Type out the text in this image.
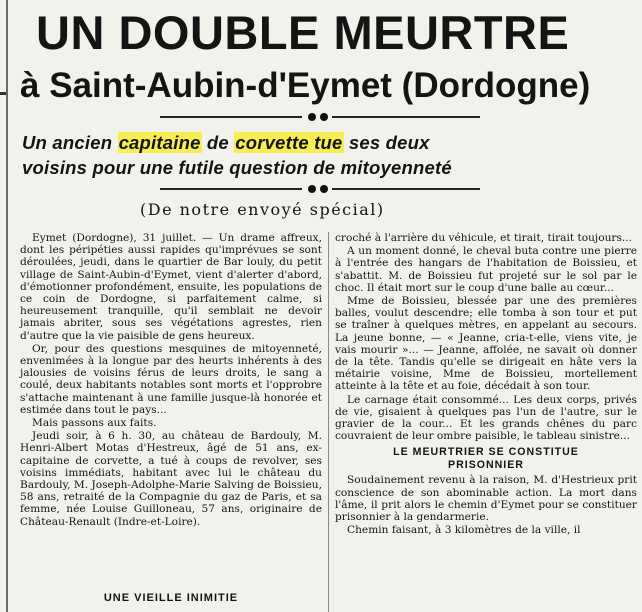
UN DOUBLE MEURTRE
à Saint-Aubin-d'Eymet (Dordogne)
Un ancien capitaine de corvette tue ses deux
voisins pour une futile question de mitoyenneté
(De notre envoyé spécial)

Eymet (Dordogne), 31 juillet. — Un drame affreux, dont les péripéties aussi rapides qu'imprévues se sont déroulées, jeudi, dans le quartier de Bar louly, du petit village de Saint-Aubin-d'Eymet, vient d'alerter d'abord, d'émotionner profondément, ensuite, les populations de ce coin de Dordogne, si parfaitement calme, si heureusement tranquille, qu'il semblait ne devoir jamais abriter, sous ses végétations agrestes, rien d'autre que la vie paisible de gens heureux.

Or, pour des questions mesquines de mitoyenneté, envenimées à la longue par des heurts inhérents à des jalousies de voisins férus de leurs droits, le sang a coulé, deux habitants notables sont morts et l'opprobre s'attache maintenant à une famille jusque-là honorée et estimée dans tout le pays...

Mais passons aux faits.

Jeudi soir, à 6 h. 30, au château de Bardouly, M. Henri-Albert Motas d'Hestreux, âgé de 51 ans, ex-capitaine de corvette, a tué à coups de revolver, ses voisins immédiats, habitant avec lui le château du Bardouly, M. Joseph-Adolphe-Marie Salving de Boissieu, 58 ans, retraité de la Compagnie du gaz de Paris, et sa femme, née Louise Guilloneau, 57 ans, originaire de Château-Renault (Indre-et-Loire).

UNE VIEILLE INIMITIE

croché à l'arrière du véhicule, et tirait, tirait toujours...

A un moment donné, le cheval buta contre une pierre à l'entrée des hangars de l'habitation de Boissieu, et s'abattit. M. de Boissieu fut projeté sur le sol par le choc. Il était mort sur le coup d'une balle au cœur...

Mme de Boissieu, blessée par une des premières balles, voulut descendre; elle tomba à son tour et put se traîner à quelques mètres, en appelant au secours. La jeune bonne, — « Jeanne, cria-t-elle, viens vite, je vais mourir »... — Jeanne, affolée, ne savait où donner de la tête. Tandis qu'elle se dirigeait en hâte vers la métairie voisine, Mme de Boissieu, mortellement atteinte à la tête et au foie, décédait à son tour.

Le carnage était consommé... Les deux corps, privés de vie, gisaient à quelques pas l'un de l'autre, sur le gravier de la cour... Et les grands chênes du parc couvraient de leur ombre paisible, le tableau sinistre...

LE MEURTRIER SE CONSTITUE
PRISONNIER

Soudainement revenu à la raison, M. d'Hestrieux prit conscience de son abominable action. La mort dans l'âme, il prit alors le chemin d'Eymet pour se constituer prisonnier à la gendarmerie.

Chemin faisant, à 3 kilomètres de la ville, il
